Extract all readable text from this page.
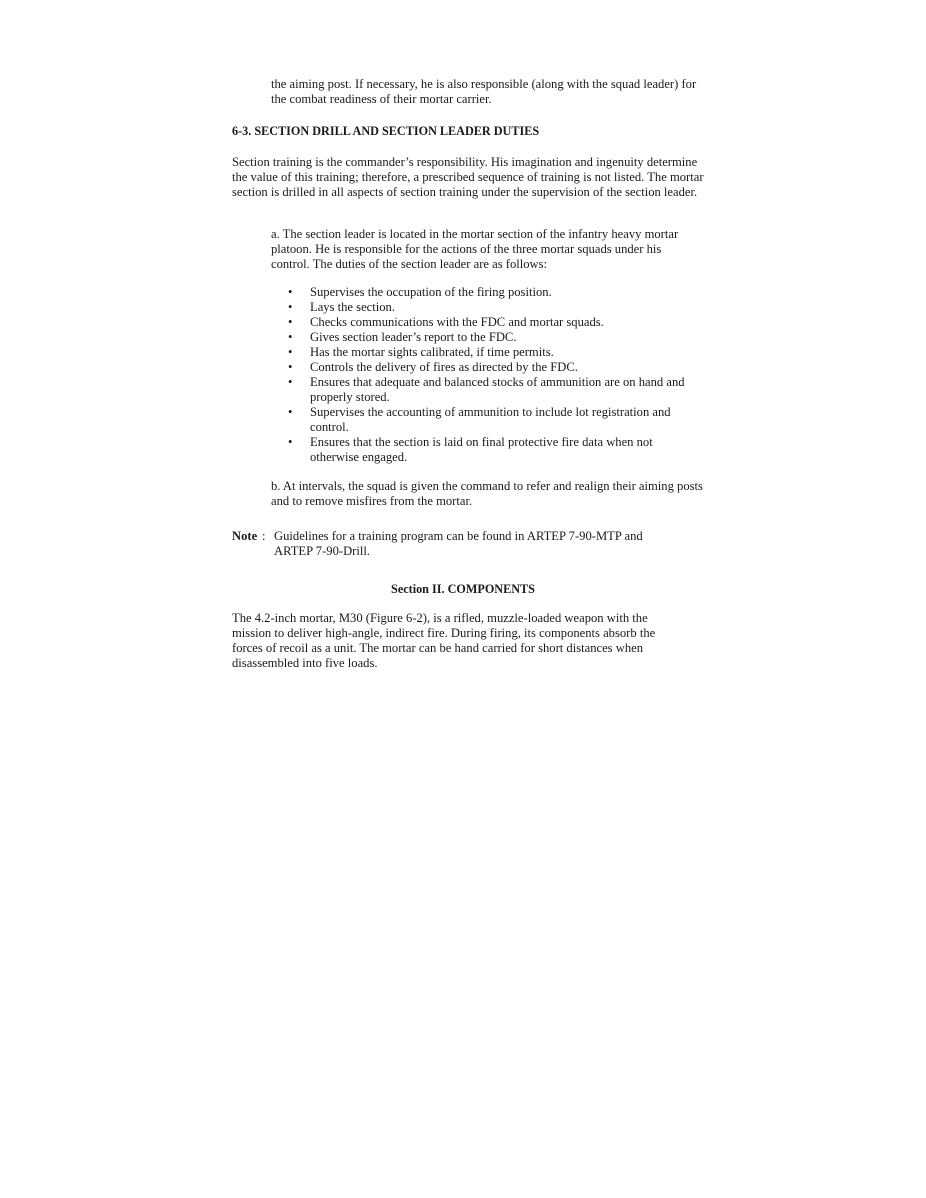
the aiming post. If necessary, he is also responsible (along with the squad leader) for the combat readiness of their mortar carrier.

6-3. SECTION DRILL AND SECTION LEADER DUTIES

Section training is the commander’s responsibility. His imagination and ingenuity determine the value of this training; therefore, a prescribed sequence of training is not listed. The mortar section is drilled in all aspects of section training under the supervision of the section leader.

a. The section leader is located in the mortar section of the infantry heavy mortar platoon. He is responsible for the actions of the three mortar squads under his control. The duties of the section leader are as follows:

• Supervises the occupation of the firing position.
• Lays the section.
• Checks communications with the FDC and mortar squads.
• Gives section leader’s report to the FDC.
• Has the mortar sights calibrated, if time permits.
• Controls the delivery of fires as directed by the FDC.
• Ensures that adequate and balanced stocks of ammunition are on hand and properly stored.
• Supervises the accounting of ammunition to include lot registration and control.
• Ensures that the section is laid on final protective fire data when not otherwise engaged.

b. At intervals, the squad is given the command to refer and realign their aiming posts and to remove misfires from the mortar.

Note : Guidelines for a training program can be found in ARTEP 7-90-MTP and ARTEP 7-90-Drill.
Section II. COMPONENTS

The 4.2-inch mortar, M30 (Figure 6-2), is a rifled, muzzle-loaded weapon with the mission to deliver high-angle, indirect fire. During firing, its components absorb the forces of recoil as a unit. The mortar can be hand carried for short distances when disassembled into five loads.
